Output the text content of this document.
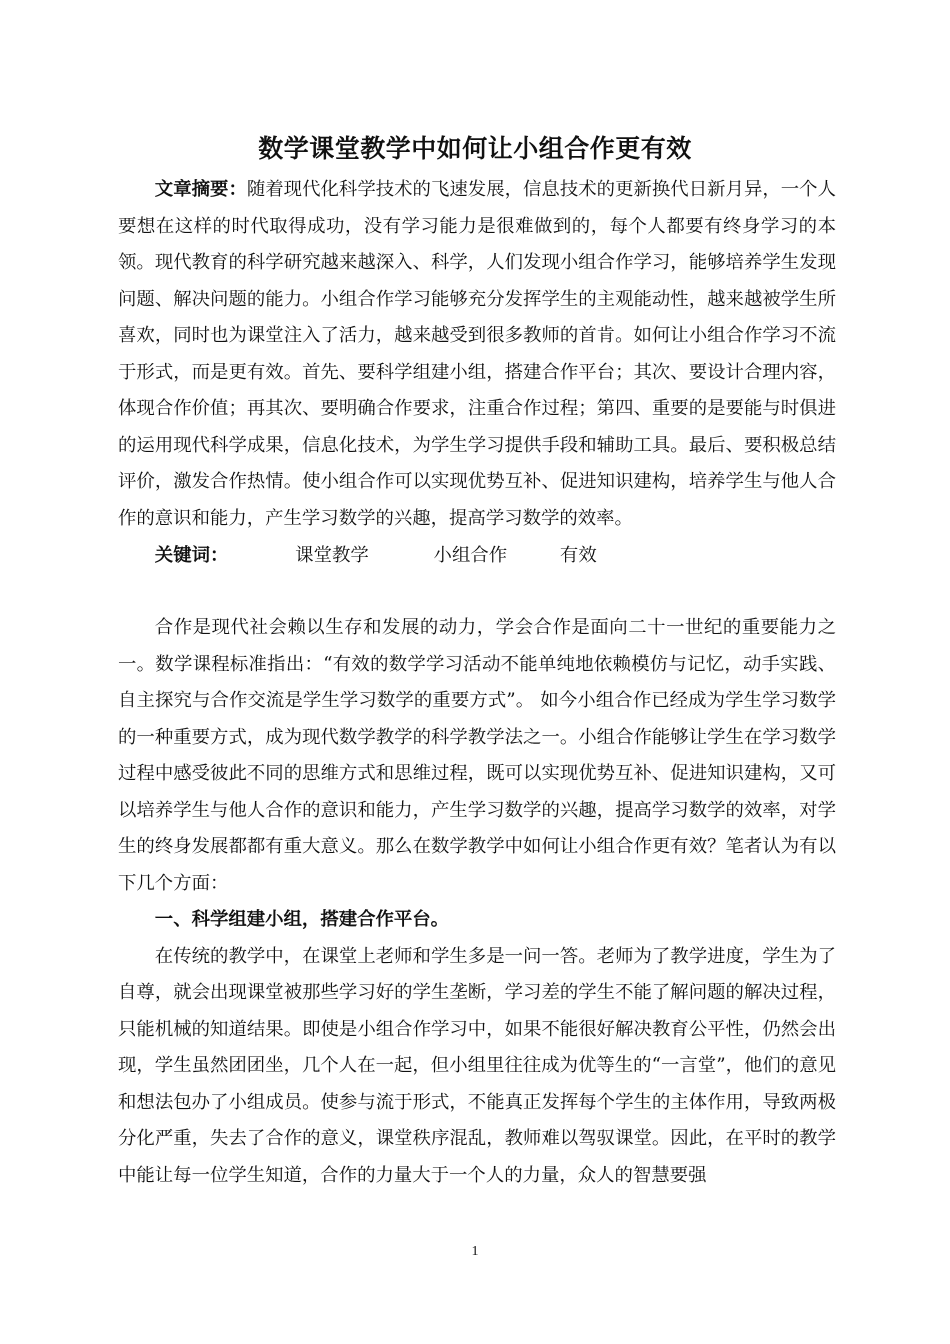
数学课堂教学中如何让小组合作更有效

文章摘要：随着现代化科学技术的飞速发展，信息技术的更新换代日新月异，一个人要想在这样的时代取得成功，没有学习能力是很难做到的，每个人都要有终身学习的本领。现代教育的科学研究越来越深入、科学，人们发现小组合作学习，能够培养学生发现问题、解决问题的能力。小组合作学习能够充分发挥学生的主观能动性，越来越被学生所喜欢，同时也为课堂注入了活力，越来越受到很多教师的首肯。如何让小组合作学习不流于形式，而是更有效。首先、要科学组建小组，搭建合作平台；其次、要设计合理内容，体现合作价值；再其次、要明确合作要求，注重合作过程；第四、重要的是要能与时俱进的运用现代科学成果，信息化技术，为学生学习提供手段和辅助工具。最后、要积极总结评价，激发合作热情。使小组合作可以实现优势互补、促进知识建构，培养学生与他人合作的意识和能力，产生学习数学的兴趣，提高学习数学的效率。

关键词：	课堂教学	小组合作	有效

合作是现代社会赖以生存和发展的动力，学会合作是面向二十一世纪的重要能力之一。数学课程标准指出：“有效的数学学习活动不能单纯地依赖模仿与记忆，动手实践、自主探究与合作交流是学生学习数学的重要方式”。 如今小组合作已经成为学生学习数学的一种重要方式，成为现代数学教学的科学教学法之一。小组合作能够让学生在学习数学过程中感受彼此不同的思维方式和思维过程，既可以实现优势互补、促进知识建构，又可以培养学生与他人合作的意识和能力，产生学习数学的兴趣，提高学习数学的效率，对学生的终身发展都都有重大意义。那么在数学教学中如何让小组合作更有效？笔者认为有以下几个方面：

一、科学组建小组，搭建合作平台。

在传统的教学中，在课堂上老师和学生多是一问一答。老师为了教学进度，学生为了自尊，就会出现课堂被那些学习好的学生垄断，学习差的学生不能了解问题的解决过程，只能机械的知道结果。即使是小组合作学习中，如果不能很好解决教育公平性，仍然会出现，学生虽然团团坐，几个人在一起，但小组里往往成为优等生的“一言堂”，他们的意见和想法包办了小组成员。使参与流于形式，不能真正发挥每个学生的主体作用，导致两极分化严重，失去了合作的意义，课堂秩序混乱，教师难以驾驭课堂。因此，在平时的教学中能让每一位学生知道，合作的力量大于一个人的力量，众人的智慧要强

1
